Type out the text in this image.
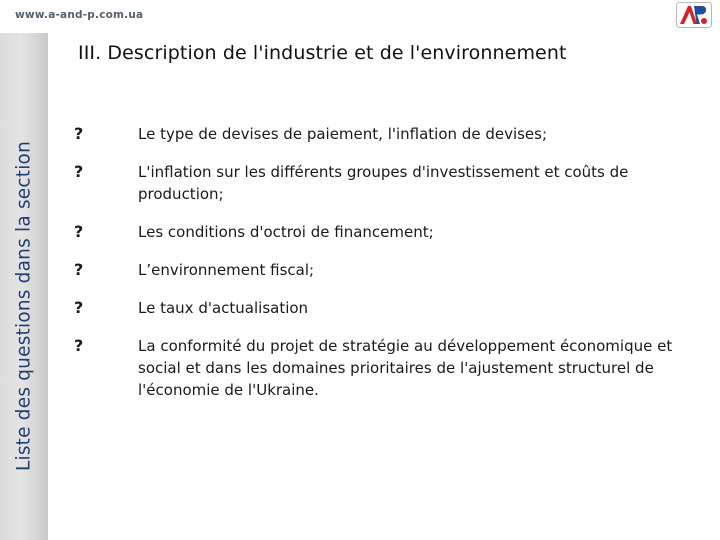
www.a-and-p.com.ua
Liste des questions dans la section
III. Description de l'industrie et de l'environnement
?	Le type de devises de paiement, l'inflation de devises;
?	L'inflation sur les différents groupes d'investissement et coûts de production;
?	Les conditions d'octroi de financement;
?	L’environnement fiscal;
?	Le taux d'actualisation
?	La conformité du projet de stratégie au développement économique et social et dans les domaines prioritaires de l'ajustement structurel de l'économie de l'Ukraine.
